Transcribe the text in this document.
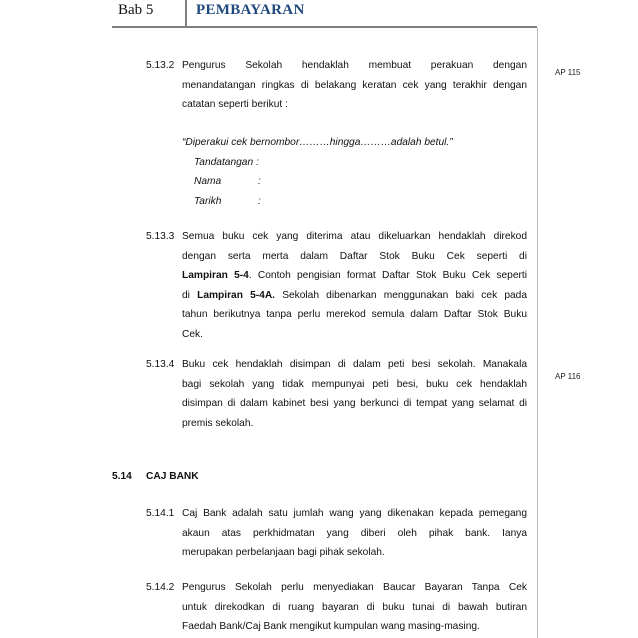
Bab 5	PEMBAYARAN
5.13.2 Pengurus Sekolah hendaklah membuat perakuan dengan
menandatangan ringkas di belakang keratan cek yang terakhir dengan
catatan seperti berikut :
AP 115
“Diperakui cek bernombor………hingga………adalah betul.”
Tandatangan :
Nama	:
Tarikh	:
5.13.3 Semua buku cek yang diterima atau dikeluarkan hendaklah direkod
dengan serta merta dalam Daftar Stok Buku Cek seperti di
Lampiran 5-4. Contoh pengisian format Daftar Stok Buku Cek seperti
di Lampiran 5-4A. Sekolah dibenarkan menggunakan baki cek pada
tahun berikutnya tanpa perlu merekod semula dalam Daftar Stok Buku
Cek.
5.13.4 Buku cek hendaklah disimpan di dalam peti besi sekolah. Manakala
bagi sekolah yang tidak mempunyai peti besi, buku cek hendaklah
disimpan di dalam kabinet besi yang berkunci di tempat yang selamat di
premis sekolah.
AP 116
5.14 CAJ BANK
5.14.1 Caj Bank adalah satu jumlah wang yang dikenakan kepada pemegang
akaun atas perkhidmatan yang diberi oleh pihak bank. Ianya
merupakan perbelanjaan bagi pihak sekolah.
5.14.2 Pengurus Sekolah perlu menyediakan Baucar Bayaran Tanpa Cek
untuk direkodkan di ruang bayaran di buku tunai di bawah butiran
Faedah Bank/Caj Bank mengikut kumpulan wang masing-masing.
